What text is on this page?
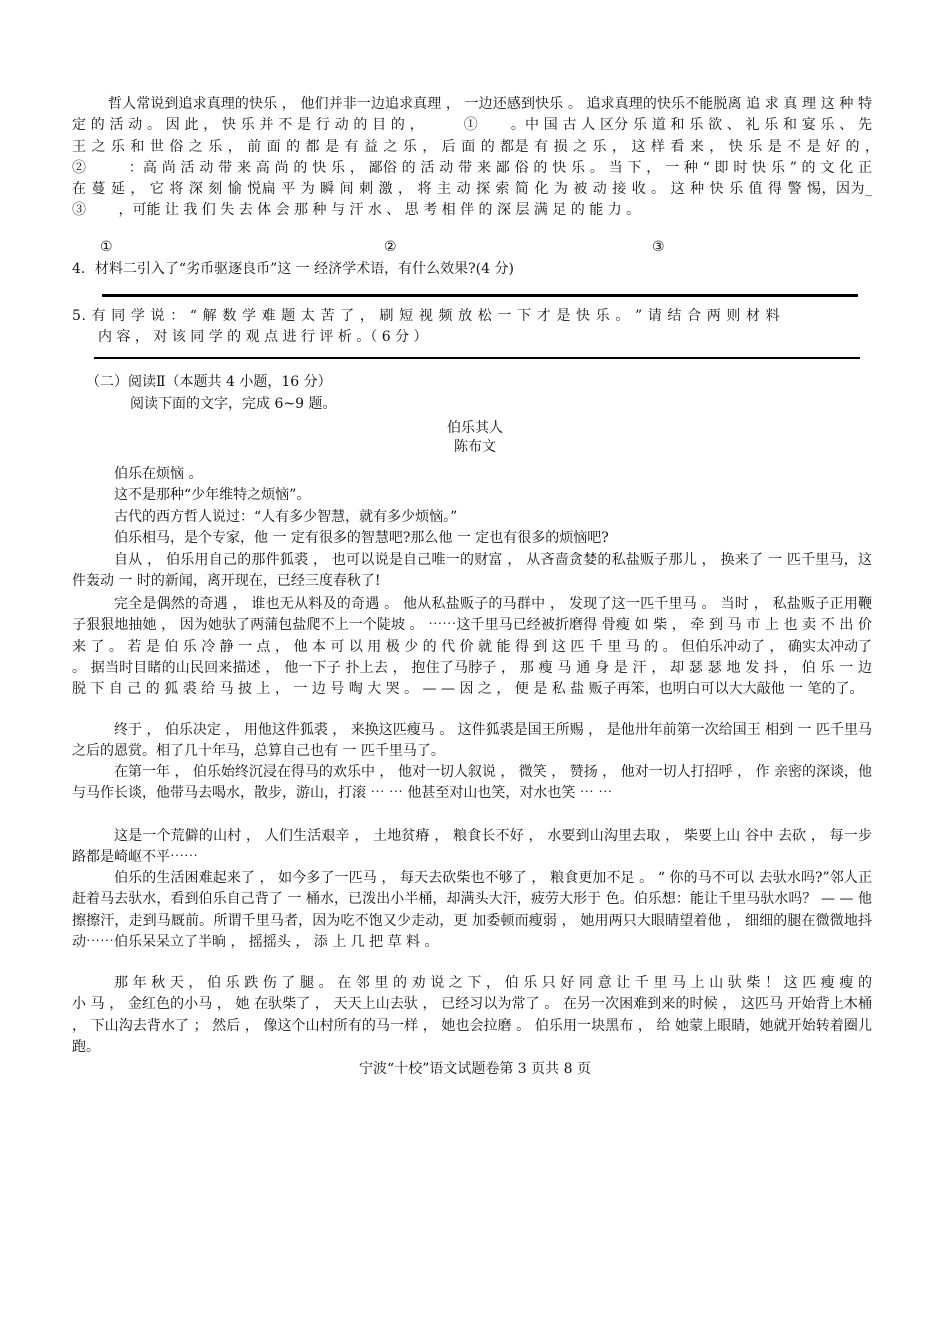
哲人常说到追求真理的快乐 ， 他们并非一边追求真理 ， 一边还感到快乐 。 追求真理的快乐不能脱离 追 求 真 理 这 种 特 定 的 活 动 。 因 此 ， 快 乐 并 不 是 行 动 的 目 的 ，　　　 ①　　 。中 国 古 人 区分 乐 道 和 乐 欲 、 礼 乐 和 宴 乐 、 先 王 之 乐 和 世 俗 之 乐 ， 前 面 的 都 是 有 益 之 乐 ， 后 面 的 都是 有 损 之 乐 ， 这 样 看 来 ， 快 乐 是 不 是 好 的 ，　　　②　　　：高 尚 活 动 带 来 高 尚 的 快 乐 ， 鄙俗 的 活 动 带 来 鄙 俗 的 快 乐 。 当 下 ， 一 种 “ 即 时 快 乐 ” 的 文 化 正 在 蔓 延 ， 它 将 深 刻 愉 悦扁 平 为 瞬 间 刺 激 ， 将 主 动 探 索 简 化 为 被 动 接 收 。 这 种 快 乐 值 得 警 惕，因为_　　 ③　　 ，可能 让 我 们 失 去 体 会 那 种 与 汗 水 、 思 考 相 伴 的 深 层 满 足 的 能 力 。

①	②	③
4．材料二引入了“劣币驱逐良币”这 一 经济学术语，有什么效果?(4 分)
5. 有 同 学 说 ： “ 解 数 学 难 题 太 苦 了 ， 刷 短 视 频 放 松 一 下 才 是 快 乐 。 ” 请 结 合 两 则 材 料
内 容 ， 对 该 同 学 的 观 点 进 行 评 析 。（ 6 分 ）
（二）阅读Ⅱ（本题共 4 小题，16 分）
阅读下面的文字，完成 6~9 题。
伯乐其人
陈布文

伯乐在烦恼 。

这不是那种“少年维特之烦恼”。

古代的西方哲人说过：“人有多少智慧，就有多少烦恼。”

伯乐相马，是个专家，他 一 定有很多的智慧吧?那么他 一 定也有很多的烦恼吧?

自从 ， 伯乐用自己的那件狐裘 ， 也可以说是自己唯一的财富 ， 从吝啬贪婪的私盐贩子那儿 ， 换来了 一 匹千里马，这件轰动 一 时的新闻，离开现在，已经三度春秋了!

完全是偶然的奇遇 ， 谁也无从料及的奇遇 。 他从私盐贩子的马群中 ， 发现了这一匹千里马 。 当时 ， 私盐贩子正用鞭子狠狠地抽她 ， 因为她驮了两蒲包盐爬不上一个陡坡 。 ⋯⋯这千里马已经被折磨得 骨瘦 如 柴 ， 牵 到 马 市 上 也 卖 不 出 价 来 了 。 若 是 伯 乐 冷 静 一 点 ， 他 本 可 以 用 极 少 的 代 价 就 能 得 到 这 匹 千 里 马 的 。 但伯乐冲动了 ， 确实太冲动了 。 据当时目睹的山民回来描述 ， 他一下子 扑上去 ， 抱住了马脖子 ， 那 瘦 马 通 身 是 汗 ， 却 瑟 瑟 地 发 抖 ， 伯 乐 一 边 脱 下 自 己 的 狐 裘 给 马 披 上 ， 一 边 号 啕 大 哭 。 — — 因 之 ， 便 是 私 盐 贩子再笨，也明白可以大大敲他 一 笔的了。

终于 ， 伯乐决定 ， 用他这件狐裘 ， 来换这匹瘦马 。 这件狐裘是国王所赐 ， 是他卅年前第一次给国王 相到 一 匹千里马之后的恩赏。相了几十年马，总算自己也有 一 匹千里马了。

在第一年 ， 伯乐始终沉浸在得马的欢乐中 ， 他对一切人叙说 ， 微笑 ， 赞扬 ， 他对一切人打招呼 ， 作 亲密的深谈，他与马作长谈，他带马去喝水，散步，游山，打滚 ⋯ ⋯ 他甚至对山也笑，对水也笑 ⋯ ⋯

这是一个荒僻的山村 ， 人们生活艰辛 ， 土地贫瘠 ， 粮食长不好 ， 水要到山沟里去取 ， 柴要上山 谷中 去砍 ， 每一步路都是崎岖不平⋯⋯

伯乐的生活困难起来了 ， 如今多了一匹马 ， 每天去砍柴也不够了 ， 粮食更加不足 。 “ 你的马不可以 去驮水吗?”邻人正赶着马去驮水，看到伯乐自己背了 一 桶水，已泼出小半桶，却满头大汗，疲劳大形于 色。伯乐想：能让千里马驮水吗？ — — 他擦擦汗，走到马厩前。所谓千里马者，因为吃不饱又少走动，更 加委顿而瘦弱 ， 她用两只大眼睛望着他 ， 细细的腿在微微地抖动⋯⋯伯乐呆呆立了半晌 ， 摇摇头 ， 添 上 几 把 草 料 。

那 年 秋 天 ， 伯 乐 跌 伤 了 腿 。 在 邻 里 的 劝 说 之 下 ， 伯 乐 只 好 同 意 让 千 里 马 上 山 驮 柴 ！ 这 匹 瘦 瘦 的 小 马 ， 金红色的小马 ， 她 在驮柴了 ， 天天上山去驮 ， 已经习以为常了 。 在另一次困难到来的时候 ， 这匹马 开始背上木桶 ， 下山沟去背水了 ； 然后 ， 像这个山村所有的马一样 ， 她也会拉磨 。 伯乐用一块黑布 ， 给 她蒙上眼睛，她就开始转着圈儿跑。

宁波“十校”语文试题卷第 3 页共 8 页
